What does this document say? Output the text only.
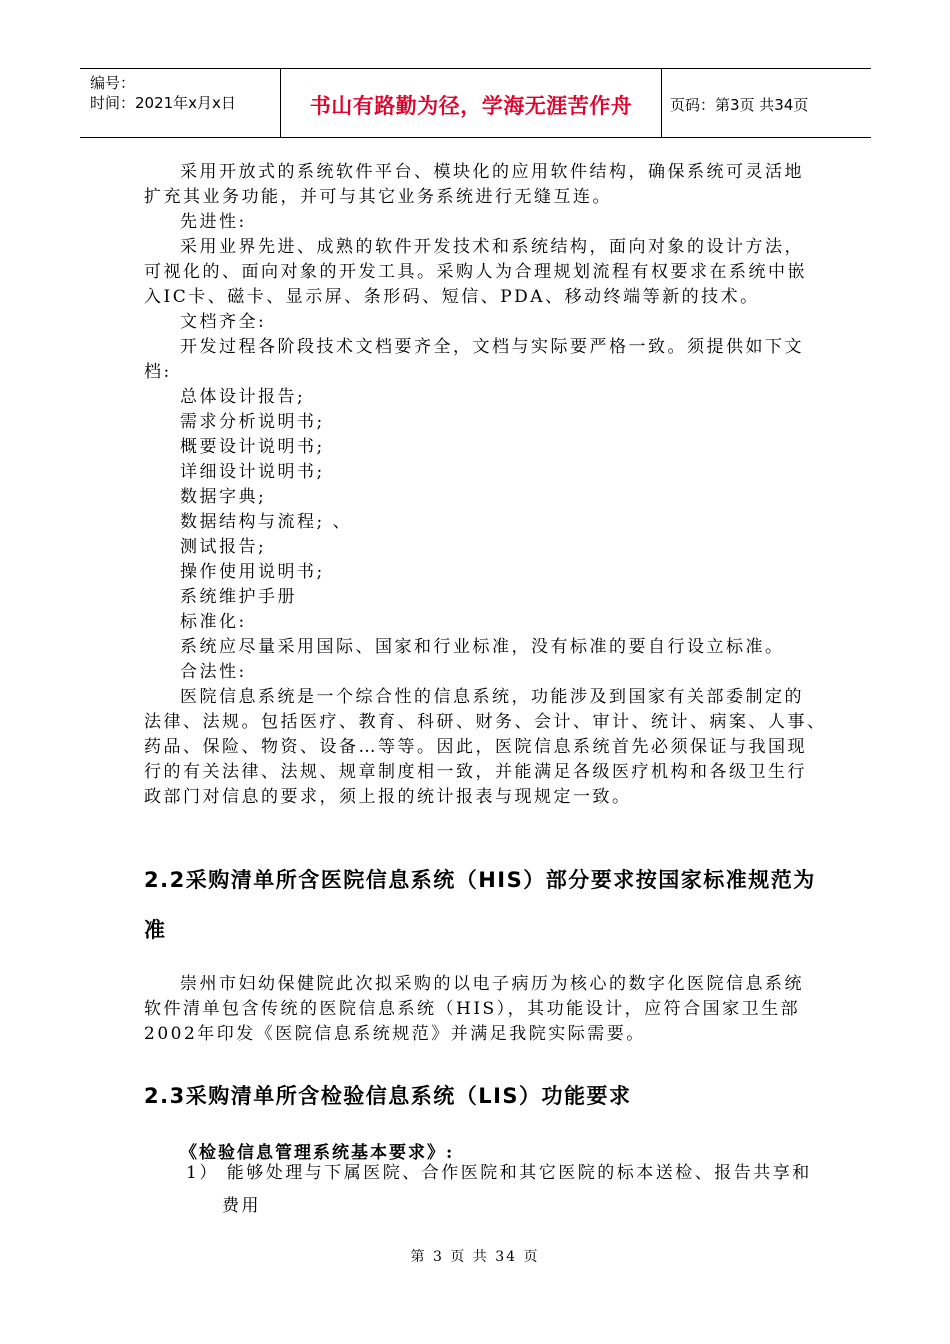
编号：
时间：2021年x月x日	书山有路勤为径，学海无涯苦作舟	页码：第3页 共34页
采用开放式的系统软件平台、模块化的应用软件结构，确保系统可灵活地
扩充其业务功能，并可与其它业务系统进行无缝互连。
先进性:
采用业界先进、成熟的软件开发技术和系统结构，面向对象的设计方法，
可视化的、面向对象的开发工具。采购人为合理规划流程有权要求在系统中嵌
入IC卡、磁卡、显示屏、条形码、短信、PDA、移动终端等新的技术。
文档齐全:
开发过程各阶段技术文档要齐全，文档与实际要严格一致。须提供如下文
档:
总体设计报告;
需求分析说明书;
概要设计说明书;
详细设计说明书;
数据字典;
数据结构与流程; 、
测试报告;
操作使用说明书;
系统维护手册
标准化:
系统应尽量采用国际、国家和行业标准，没有标准的要自行设立标准。
合法性:
医院信息系统是一个综合性的信息系统，功能涉及到国家有关部委制定的
法律、法规。包括医疗、教育、科研、财务、会计、审计、统计、病案、人事、
药品、保险、物资、设备…等等。因此，医院信息系统首先必须保证与我国现
行的有关法律、法规、规章制度相一致，并能满足各级医疗机构和各级卫生行
政部门对信息的要求，须上报的统计报表与现规定一致。
2.2采购清单所含医院信息系统（HIS）部分要求按国家标准规范为
准
崇州市妇幼保健院此次拟采购的以电子病历为核心的数字化医院信息系统
软件清单包含传统的医院信息系统（HIS），其功能设计，应符合国家卫生部
2002年印发《医院信息系统规范》并满足我院实际需要。
2.3采购清单所含检验信息系统（LIS）功能要求
《检验信息管理系统基本要求》:
1） 能够处理与下属医院、合作医院和其它医院的标本送检、报告共享和
费用
第 3 页 共 34 页
